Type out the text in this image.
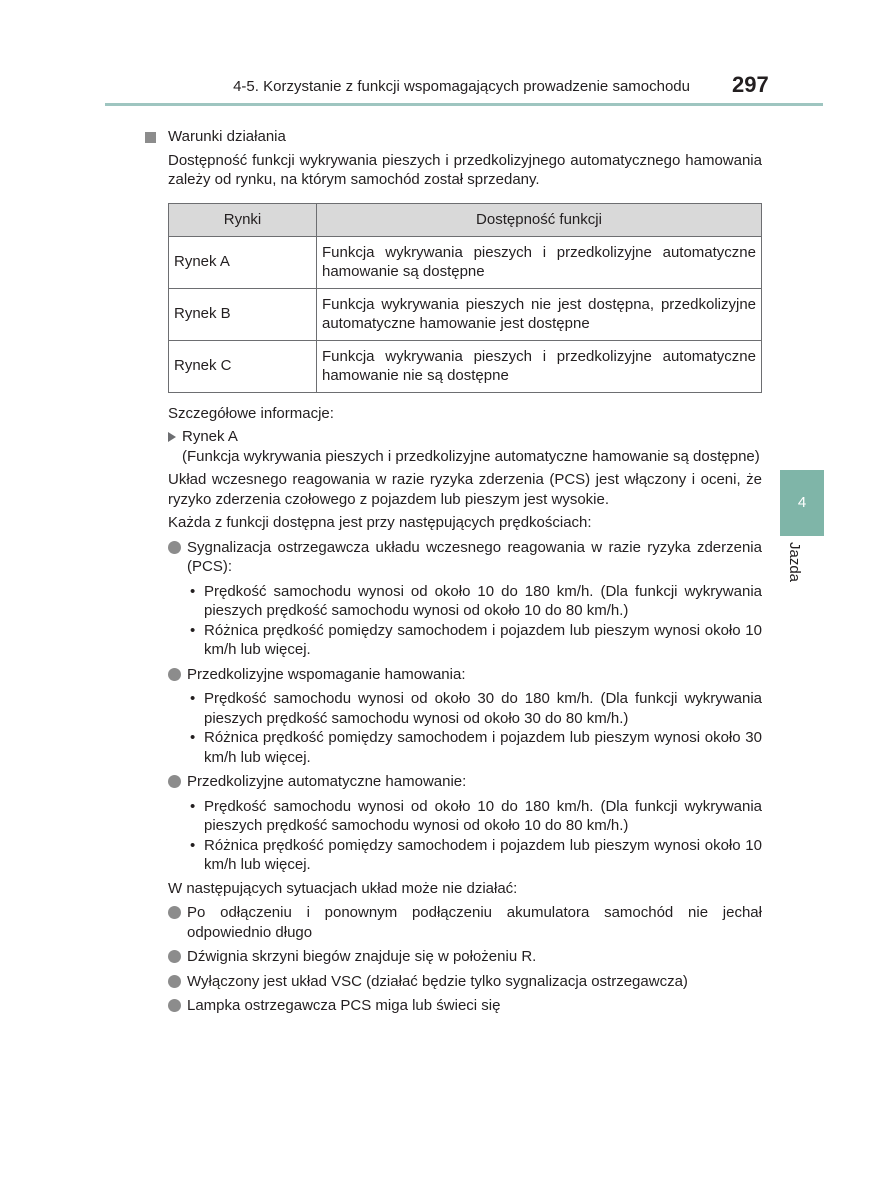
4-5. Korzystanie z funkcji wspomagających prowadzenie samochodu 297
4
Jazda
Warunki działania

Dostępność funkcji wykrywania pieszych i przedkolizyjnego automatycznego hamowania zależy od rynku, na którym samochód został sprzedany.

Rynki	Dostępność funkcji
Rynek A	Funkcja wykrywania pieszych i przedkolizyjne automatyczne hamowanie są dostępne
Rynek B	Funkcja wykrywania pieszych nie jest dostępna, przedkolizyjne automatyczne hamowanie jest dostępne
Rynek C	Funkcja wykrywania pieszych i przedkolizyjne automatyczne hamowanie nie są dostępne

Szczegółowe informacje:

Rynek A

(Funkcja wykrywania pieszych i przedkolizyjne automatyczne hamowanie są dostępne)

Układ wczesnego reagowania w razie ryzyka zderzenia (PCS) jest włączony i oceni, że ryzyko zderzenia czołowego z pojazdem lub pieszym jest wysokie.

Każda z funkcji dostępna jest przy następujących prędkościach:

Sygnalizacja ostrzegawcza układu wczesnego reagowania w razie ryzyka zderzenia (PCS):
• Prędkość samochodu wynosi od około 10 do 180 km/h. (Dla funkcji wykrywania pieszych prędkość samochodu wynosi od około 10 do 80 km/h.)
• Różnica prędkość pomiędzy samochodem i pojazdem lub pieszym wynosi około 10 km/h lub więcej.
Przedkolizyjne wspomaganie hamowania:
• Prędkość samochodu wynosi od około 30 do 180 km/h. (Dla funkcji wykrywania pieszych prędkość samochodu wynosi od około 30 do 80 km/h.)
• Różnica prędkość pomiędzy samochodem i pojazdem lub pieszym wynosi około 30 km/h lub więcej.
Przedkolizyjne automatyczne hamowanie:
• Prędkość samochodu wynosi od około 10 do 180 km/h. (Dla funkcji wykrywania pieszych prędkość samochodu wynosi od około 10 do 80 km/h.)
• Różnica prędkość pomiędzy samochodem i pojazdem lub pieszym wynosi około 10 km/h lub więcej.

W następujących sytuacjach układ może nie działać:

Po odłączeniu i ponownym podłączeniu akumulatora samochód nie jechał odpowiednio długo
Dźwignia skrzyni biegów znajduje się w położeniu R.
Wyłączony jest układ VSC (działać będzie tylko sygnalizacja ostrzegawcza)
Lampka ostrzegawcza PCS miga lub świeci się
